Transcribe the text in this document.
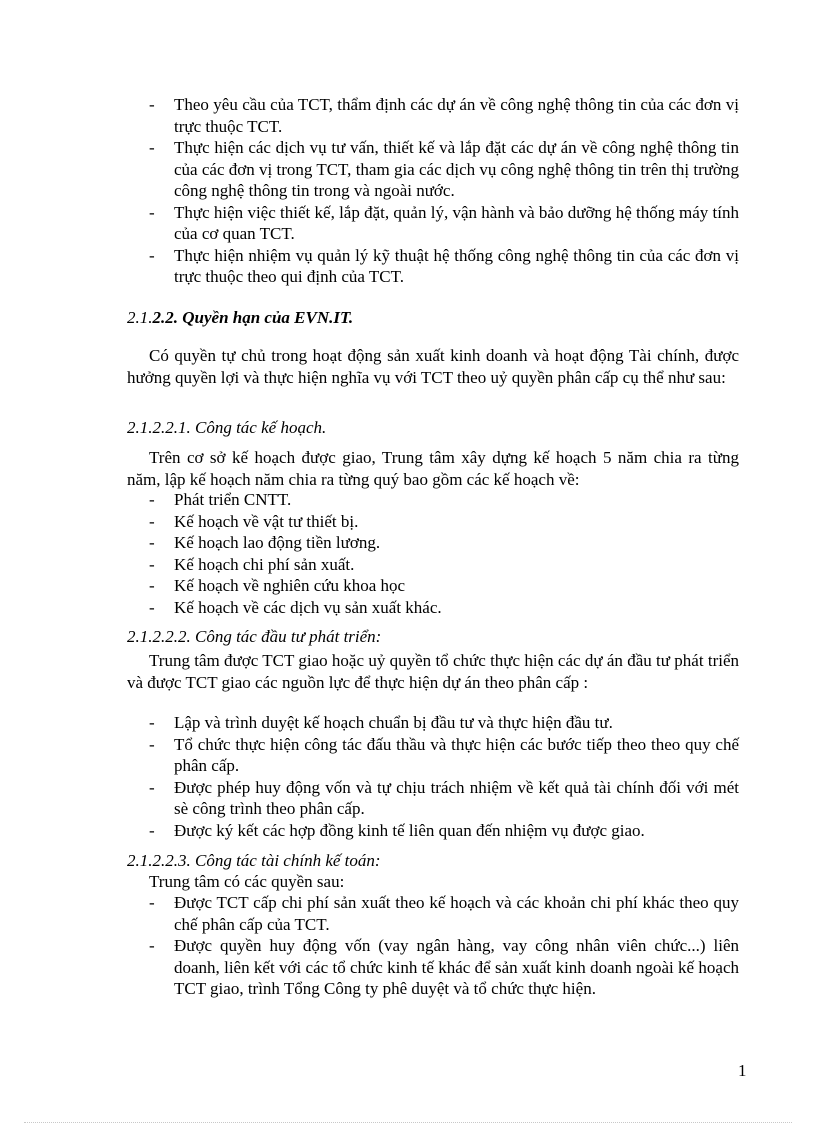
- Theo yêu cầu của TCT, thẩm định các dự án về công nghệ thông tin của các đơn vị trực thuộc TCT.
- Thực hiện các dịch vụ tư vấn, thiết kế và lắp đặt các dự án về công nghệ thông tin của các đơn vị trong TCT, tham gia các dịch vụ công nghệ thông tin trên thị trường công nghệ thông tin trong và ngoài nước.
- Thực hiện việc thiết kế, lắp đặt, quản lý, vận hành và bảo dưỡng hệ thống máy tính của cơ quan TCT.
- Thực hiện nhiệm vụ quản lý kỹ thuật hệ thống công nghệ thông tin của các đơn vị trực thuộc theo qui định của TCT.

2.1.2.2. Quyền hạn của EVN.IT.

Có quyền tự chủ trong hoạt động sản xuất kinh doanh và hoạt động Tài chính, được hưởng quyền lợi và thực hiện nghĩa vụ với TCT theo uỷ quyền phân cấp cụ thể như sau:

2.1.2.2.1. Công tác kế hoạch.

Trên cơ sở kế hoạch được giao, Trung tâm xây dựng kế hoạch 5 năm chia ra từng năm, lập kế hoạch năm chia ra từng quý bao gồm các kế hoạch về:

- Phát triển CNTT.
- Kế hoạch về vật tư thiết bị.
- Kế hoạch lao động tiền lương.
- Kế hoạch chi phí sản xuất.
- Kế hoạch về nghiên cứu khoa học
- Kế hoạch về các dịch vụ sản xuất khác.

2.1.2.2.2. Công tác đầu tư phát triển:

Trung tâm được TCT giao hoặc uỷ quyền tổ chức thực hiện các dự án đầu tư phát triển và được TCT giao các nguồn lực để thực hiện dự án theo phân cấp :

- Lập và trình duyệt kế hoạch chuẩn bị đầu tư và thực hiện đầu tư.
- Tổ chức thực hiện công tác đấu thầu và thực hiện các bước tiếp theo theo quy chế phân cấp.
- Được phép huy động vốn và tự chịu trách nhiệm về kết quả tài chính đối với mét sè công trình theo phân cấp.
- Được ký kết các hợp đồng kinh tế liên quan đến nhiệm vụ được giao.

2.1.2.2.3. Công tác tài chính kế toán:

Trung tâm có các quyền sau:

- Được TCT cấp chi phí sản xuất theo kế hoạch và các khoản chi phí khác theo quy chế phân cấp của TCT.
- Được quyền huy động vốn (vay ngân hàng, vay công nhân viên chức...) liên doanh, liên kết với các tổ chức kinh tế khác để sản xuất kinh doanh ngoài kế hoạch TCT giao, trình Tổng Công ty phê duyệt và tổ chức thực hiện.
1
